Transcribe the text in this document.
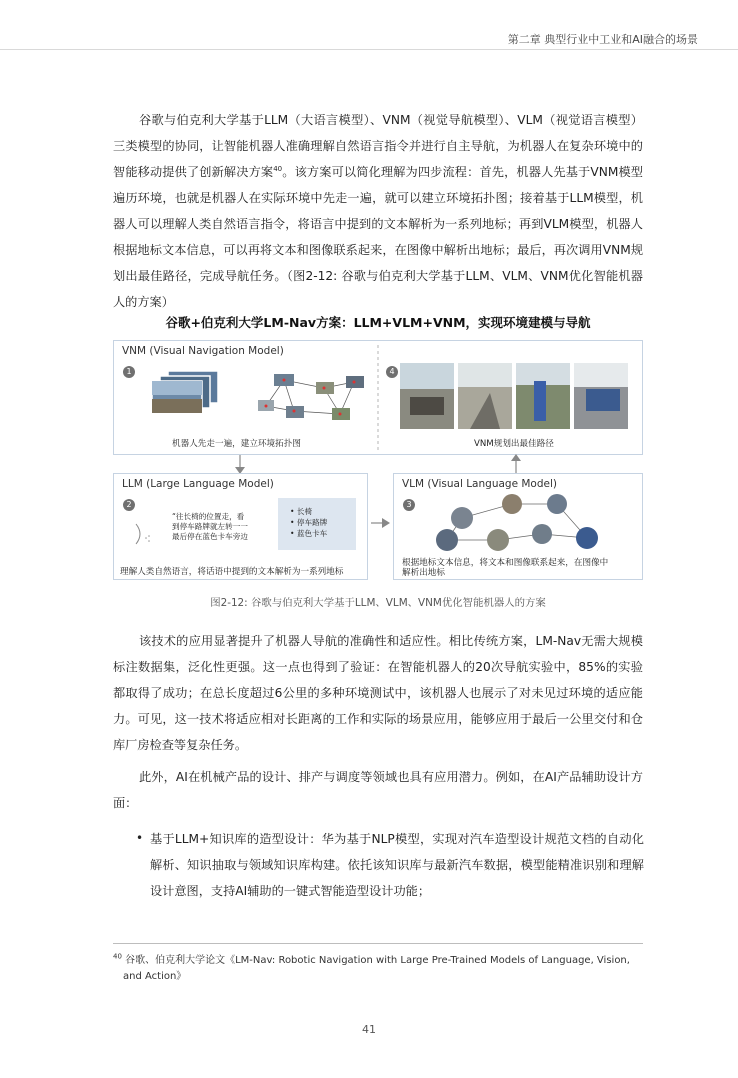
第二章 典型行业中工业和AI融合的场景
谷歌与伯克利大学基于LLM（大语言模型）、VNM（视觉导航模型）、VLM（视觉语言模型）三类模型的协同，让智能机器人准确理解自然语言指令并进行自主导航，为机器人在复杂环境中的智能移动提供了创新解决方案$^{40}$。该方案可以简化理解为四步流程：首先，机器人先基于VNM模型遍历环境，也就是机器人在实际环境中先走一遍，就可以建立环境拓扑图；接着基于LLM模型，机器人可以理解人类自然语言指令，将语言中提到的文本解析为一系列地标；再到VLM模型，机器人根据地标文本信息，可以再将文本和图像联系起来，在图像中解析出地标；最后，再次调用VNM规划出最佳路径，完成导航任务。（图2-12: 谷歌与伯克利大学基于LLM、VLM、VNM优化智能机器人的方案）
谷歌+伯克利大学LM-Nav方案：LLM+VLM+VNM，实现环境建模与导航
VNM (Visual Navigation Model)
1
机器人先走一遍，建立环境拓扑图
4
VNM规划出最佳路径
LLM (Large Language Model)
2
“往长椅的位置走，看
到停车路牌就左转一一
最后停在蓝色卡车旁边
• 长椅
• 停车路牌
• 蓝色卡车
理解人类自然语言，将话语中提到的文本解析为一系列地标
VLM (Visual Language Model)
3
根据地标文本信息，将文本和图像联系起来，在图像中
解析出地标
图2-12: 谷歌与伯克利大学基于LLM、VLM、VNM优化智能机器人的方案
该技术的应用显著提升了机器人导航的准确性和适应性。相比传统方案，LM-Nav无需大规模标注数据集，泛化性更强。这一点也得到了验证：在智能机器人的20次导航实验中，85%的实验都取得了成功；在总长度超过6公里的多种环境测试中，该机器人也展示了对未见过环境的适应能力。可见，这一技术将适应相对长距离的工作和实际的场景应用，能够应用于最后一公里交付和仓库厂房检查等复杂任务。
此外，AI在机械产品的设计、排产与调度等领域也具有应用潜力。例如，在AI产品辅助设计方面：
• 基于LLM+知识库的造型设计：华为基于NLP模型，实现对汽车造型设计规范文档的自动化解析、知识抽取与领域知识库构建。依托该知识库与最新汽车数据，模型能精准识别和理解设计意图，支持AI辅助的一键式智能造型设计功能；
$^{40}$ 谷歌、伯克利大学论文《LM-Nav: Robotic Navigation with Large Pre-Trained Models of Language, Vision,
and Action》
41
